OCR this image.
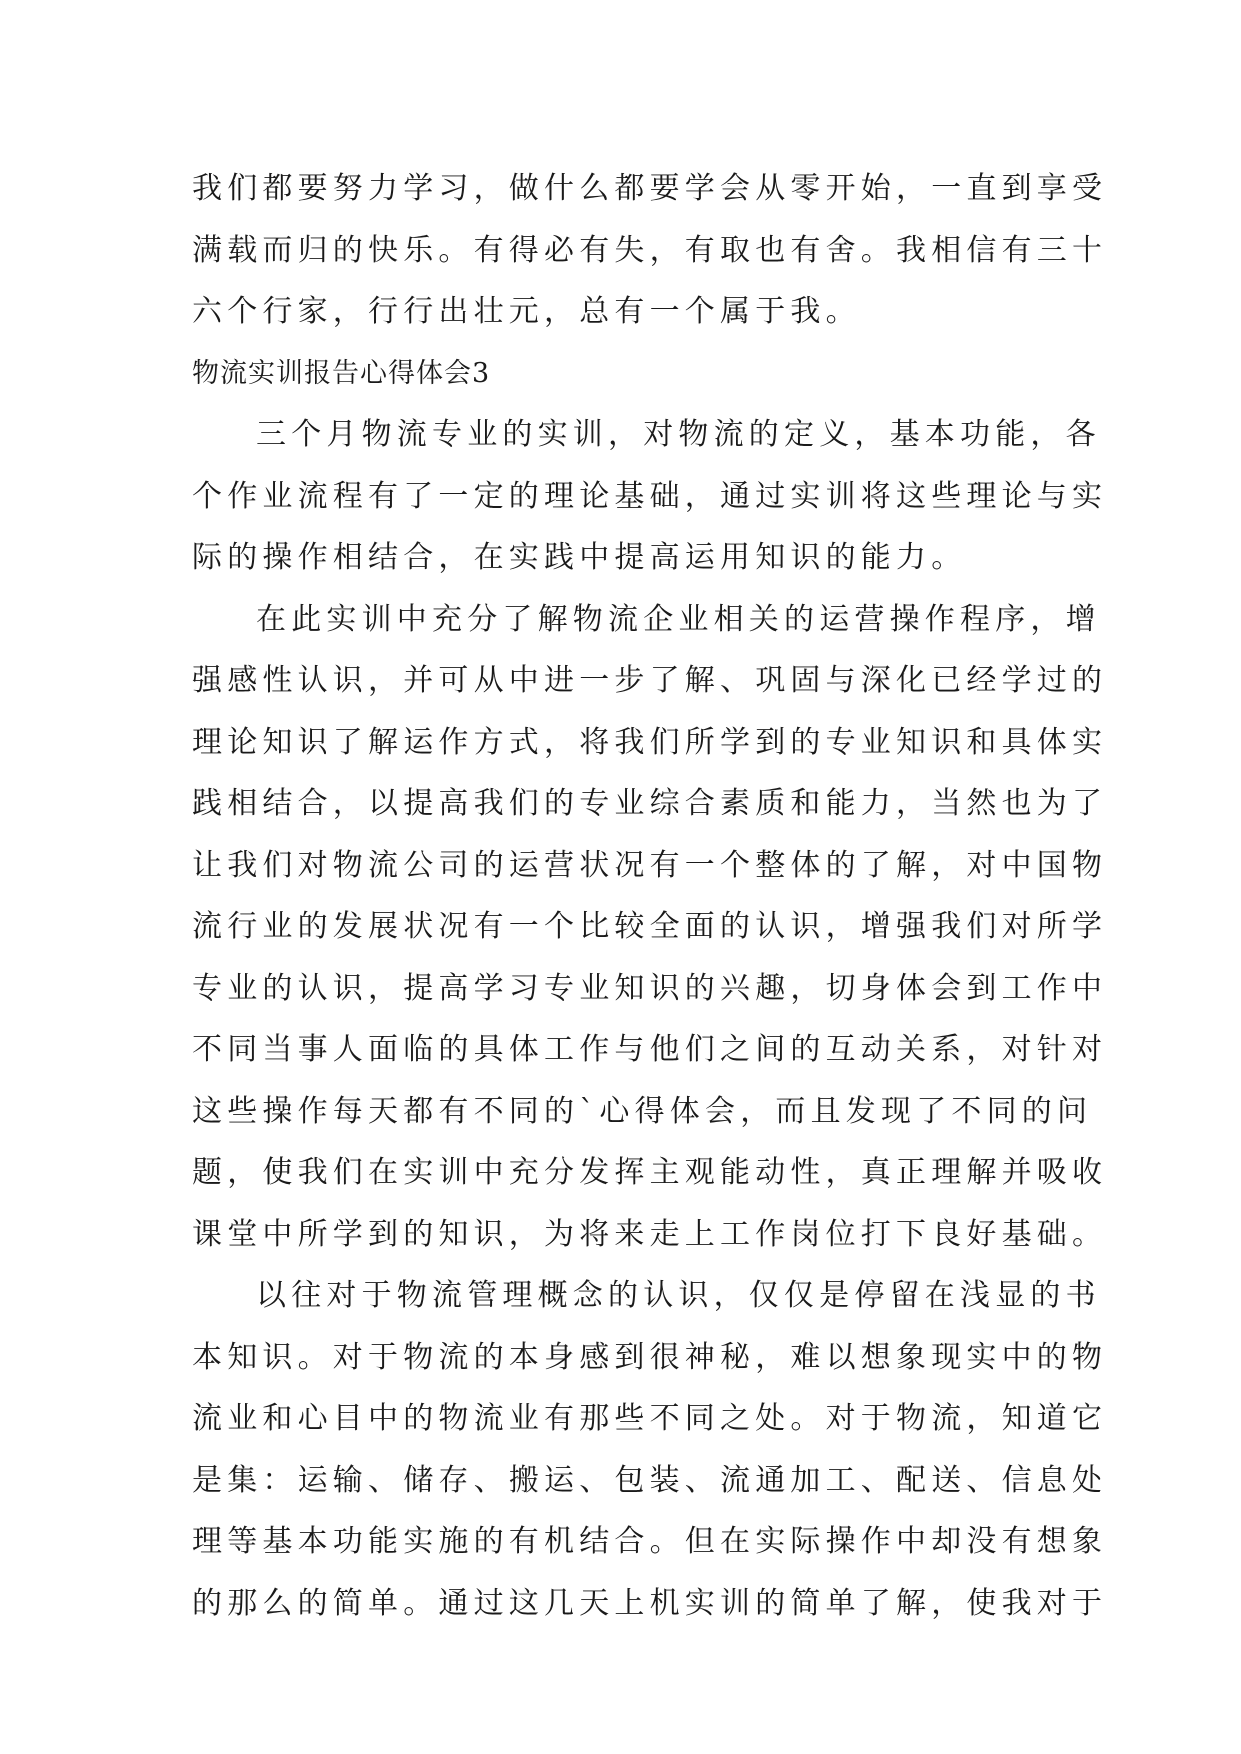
我们都要努力学习，做什么都要学会从零开始，一直到享受
满载而归的快乐。有得必有失，有取也有舍。我相信有三十
六个行家，行行出壮元，总有一个属于我。
物流实训报告心得体会3
三个月物流专业的实训，对物流的定义，基本功能，各
个作业流程有了一定的理论基础，通过实训将这些理论与实
际的操作相结合，在实践中提高运用知识的能力。
在此实训中充分了解物流企业相关的运营操作程序，增
强感性认识，并可从中进一步了解、巩固与深化已经学过的
理论知识了解运作方式，将我们所学到的专业知识和具体实
践相结合，以提高我们的专业综合素质和能力，当然也为了
让我们对物流公司的运营状况有一个整体的了解，对中国物
流行业的发展状况有一个比较全面的认识，增强我们对所学
专业的认识，提高学习专业知识的兴趣，切身体会到工作中
不同当事人面临的具体工作与他们之间的互动关系，对针对
这些操作每天都有不同的`心得体会，而且发现了不同的问
题，使我们在实训中充分发挥主观能动性，真正理解并吸收
课堂中所学到的知识，为将来走上工作岗位打下良好基础。
以往对于物流管理概念的认识，仅仅是停留在浅显的书
本知识。对于物流的本身感到很神秘，难以想象现实中的物
流业和心目中的物流业有那些不同之处。对于物流，知道它
是集：运输、储存、搬运、包装、流通加工、配送、信息处
理等基本功能实施的有机结合。但在实际操作中却没有想象
的那么的简单。通过这几天上机实训的简单了解，使我对于
